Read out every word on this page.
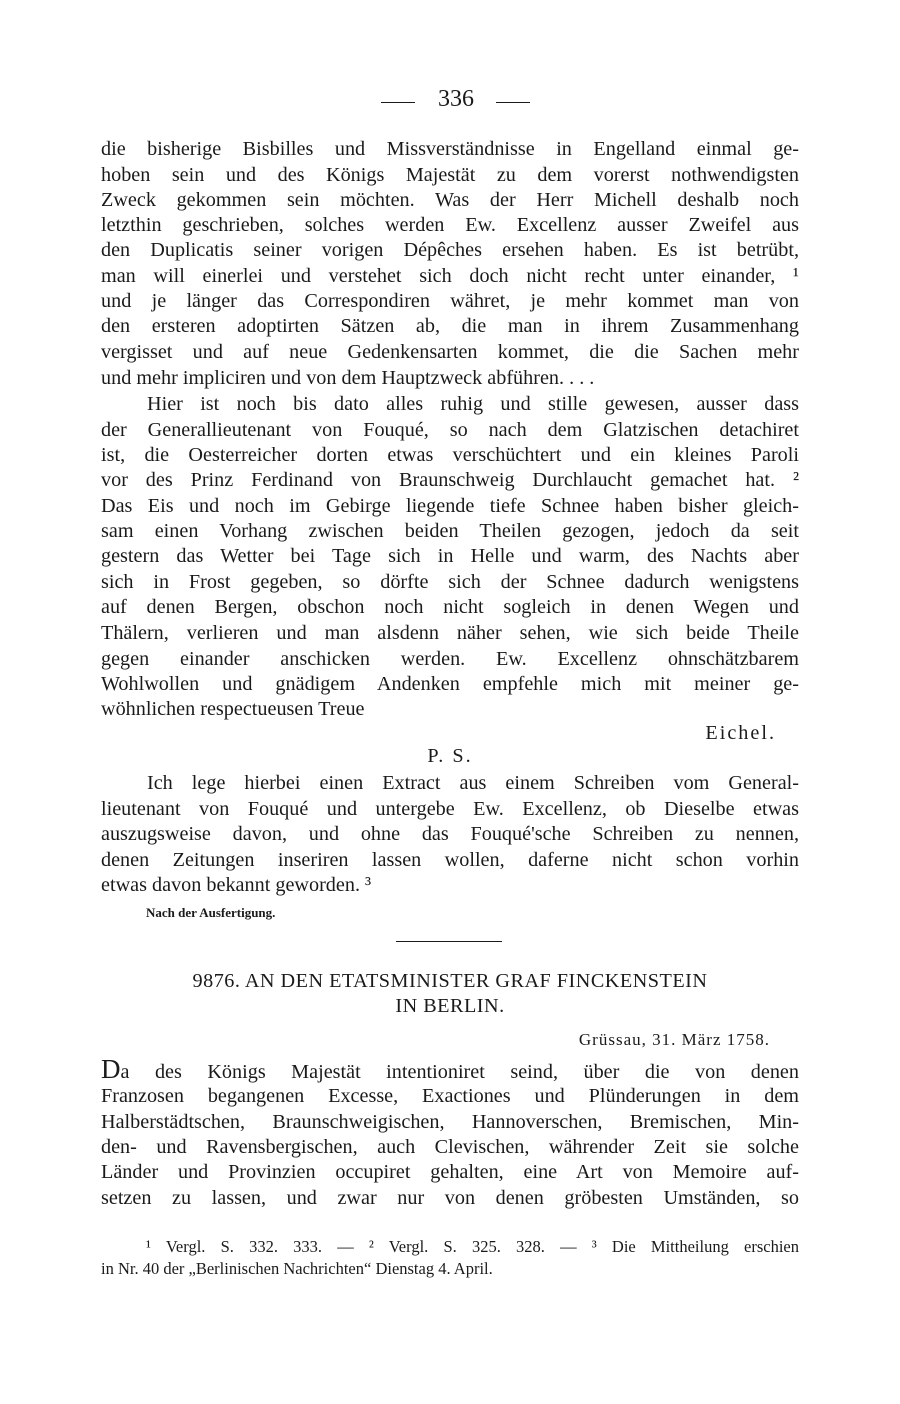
336
die bisherige Bisbilles und Missverständnisse in Engelland einmal ge-
hoben sein und des Königs Majestät zu dem vorerst nothwendigsten
Zweck gekommen sein möchten. Was der Herr Michell deshalb noch
letzthin geschrieben, solches werden Ew. Excellenz ausser Zweifel aus
den Duplicatis seiner vorigen Dépêches ersehen haben. Es ist betrübt,
man will einerlei und verstehet sich doch nicht recht unter einander, ¹
und je länger das Correspondiren währet, je mehr kommet man von
den ersteren adoptirten Sätzen ab, die man in ihrem Zusammenhang
vergisset und auf neue Gedenkensarten kommet, die die Sachen mehr
und mehr impliciren und von dem Hauptzweck abführen. . . .
Hier ist noch bis dato alles ruhig und stille gewesen, ausser dass
der Generallieutenant von Fouqué, so nach dem Glatzischen detachiret
ist, die Oesterreicher dorten etwas verschüchtert und ein kleines Paroli
vor des Prinz Ferdinand von Braunschweig Durchlaucht gemachet hat. ²
Das Eis und noch im Gebirge liegende tiefe Schnee haben bisher gleich-
sam einen Vorhang zwischen beiden Theilen gezogen, jedoch da seit
gestern das Wetter bei Tage sich in Helle und warm, des Nachts aber
sich in Frost gegeben, so dörfte sich der Schnee dadurch wenigstens
auf denen Bergen, obschon noch nicht sogleich in denen Wegen und
Thälern, verlieren und man alsdenn näher sehen, wie sich beide Theile
gegen einander anschicken werden. Ew. Excellenz ohnschätzbarem
Wohlwollen und gnädigem Andenken empfehle mich mit meiner ge-
wöhnlichen respectueusen Treue
Eichel.
P. S.
Ich lege hierbei einen Extract aus einem Schreiben vom General-
lieutenant von Fouqué und untergebe Ew. Excellenz, ob Dieselbe etwas
auszugsweise davon, und ohne das Fouqué'sche Schreiben zu nennen,
denen Zeitungen inseriren lassen wollen, daferne nicht schon vorhin
etwas davon bekannt geworden. ³
Nach der Ausfertigung.
9876. AN DEN ETATSMINISTER GRAF FINCKENSTEIN
IN BERLIN.
Grüssau, 31. März 1758.
Da des Königs Majestät intentioniret seind, über die von denen
Franzosen begangenen Excesse, Exactiones und Plünderungen in dem
Halberstädtschen, Braunschweigischen, Hannoverschen, Bremischen, Min-
den- und Ravensbergischen, auch Clevischen, währender Zeit sie solche
Länder und Provinzien occupiret gehalten, eine Art von Memoire auf-
setzen zu lassen, und zwar nur von denen gröbesten Umständen, so
¹ Vergl. S. 332. 333. — ² Vergl. S. 325. 328. — ³ Die Mittheilung erschien
in Nr. 40 der „Berlinischen Nachrichten“ Dienstag 4. April.
